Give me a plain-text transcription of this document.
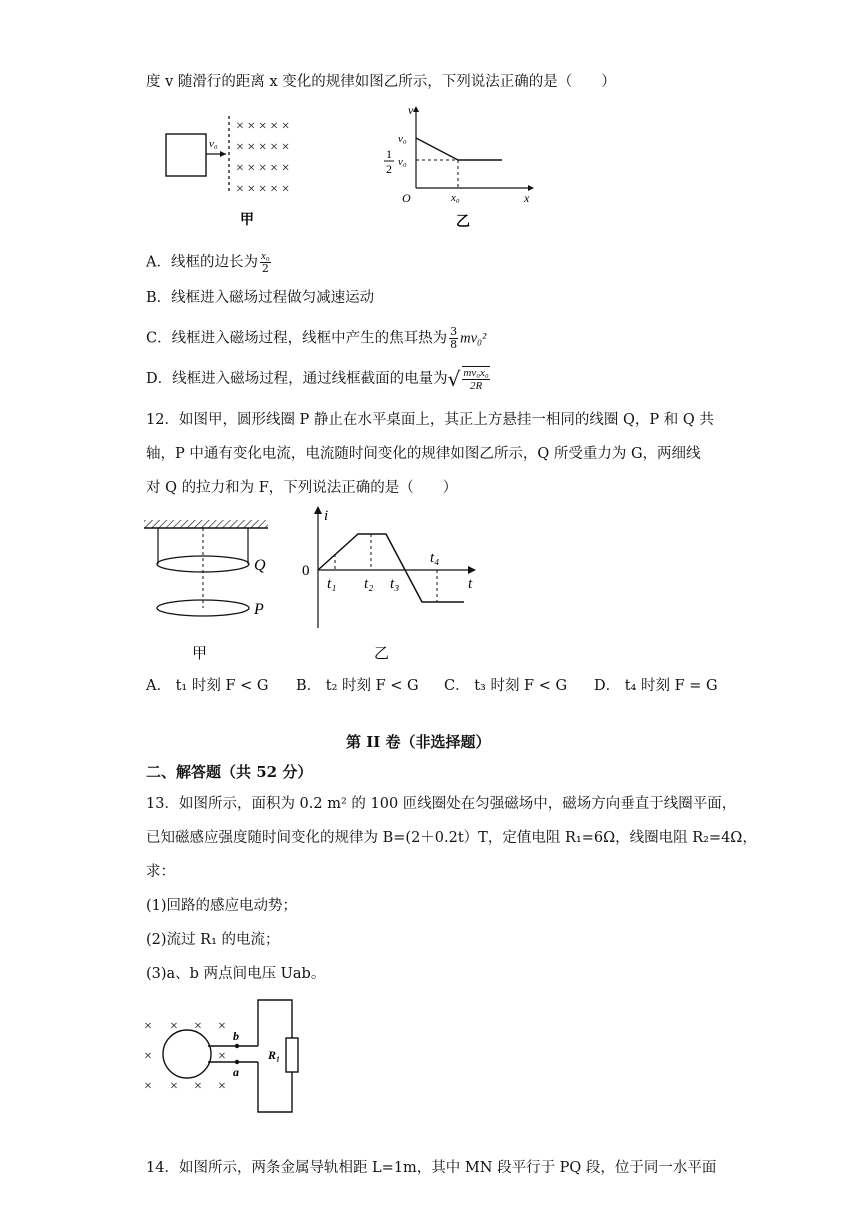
度 v 随滑行的距离 x 变化的规律如图乙所示，下列说法正确的是（　　）
v₀
× × × × ×
× × × × ×
× × × × ×
× × × × ×
甲
v
x
O
v₀
1
2 v₀
x₀
乙
A．线框的边长为 $\frac{\text{x₀}}{2}$
B．线框进入磁场过程做匀减速运动
C．线框进入磁场过程，线框中产生的焦耳热为 $\frac{3}{8} mv_0^2$
D．线框进入磁场过程，通过线框截面的电量为√ $\frac{\text{mv₀x₀}}{2R}$
12．如图甲，圆形线圈 P 静止在水平桌面上，其正上方悬挂一相同的线圈 Q，P 和 Q 共
轴，P 中通有变化电流，电流随时间变化的规律如图乙所示，Q 所受重力为 G，两细线
对 Q 的拉力和为 F，下列说法正确的是（　　）
Q
P
甲
i
t
0
t₁ t₂ t₃
t₄
乙
A． t₁ 时刻 F < G B． t₂ 时刻 F < G C． t₃ 时刻 F < G D． t₄ 时刻 F = G
第 II 卷（非选择题）
二、解答题（共 52 分）
13．如图所示，面积为 0.2 m² 的 100 匝线圈处在匀强磁场中，磁场方向垂直于线圈平面，
已知磁感应强度随时间变化的规律为 B=(2＋0.2t）T，定值电阻 R₁=6Ω，线圈电阻 R₂=4Ω，
求：
(1)回路的感应电动势；
(2)流过 R₁ 的电流；
(3)a、b 两点间电压 Uab。
× × × ×
×	×
× × × ×
b
a
R₁
14．如图所示，两条金属导轨相距 L=1m，其中 MN 段平行于 PQ 段，位于同一水平面
